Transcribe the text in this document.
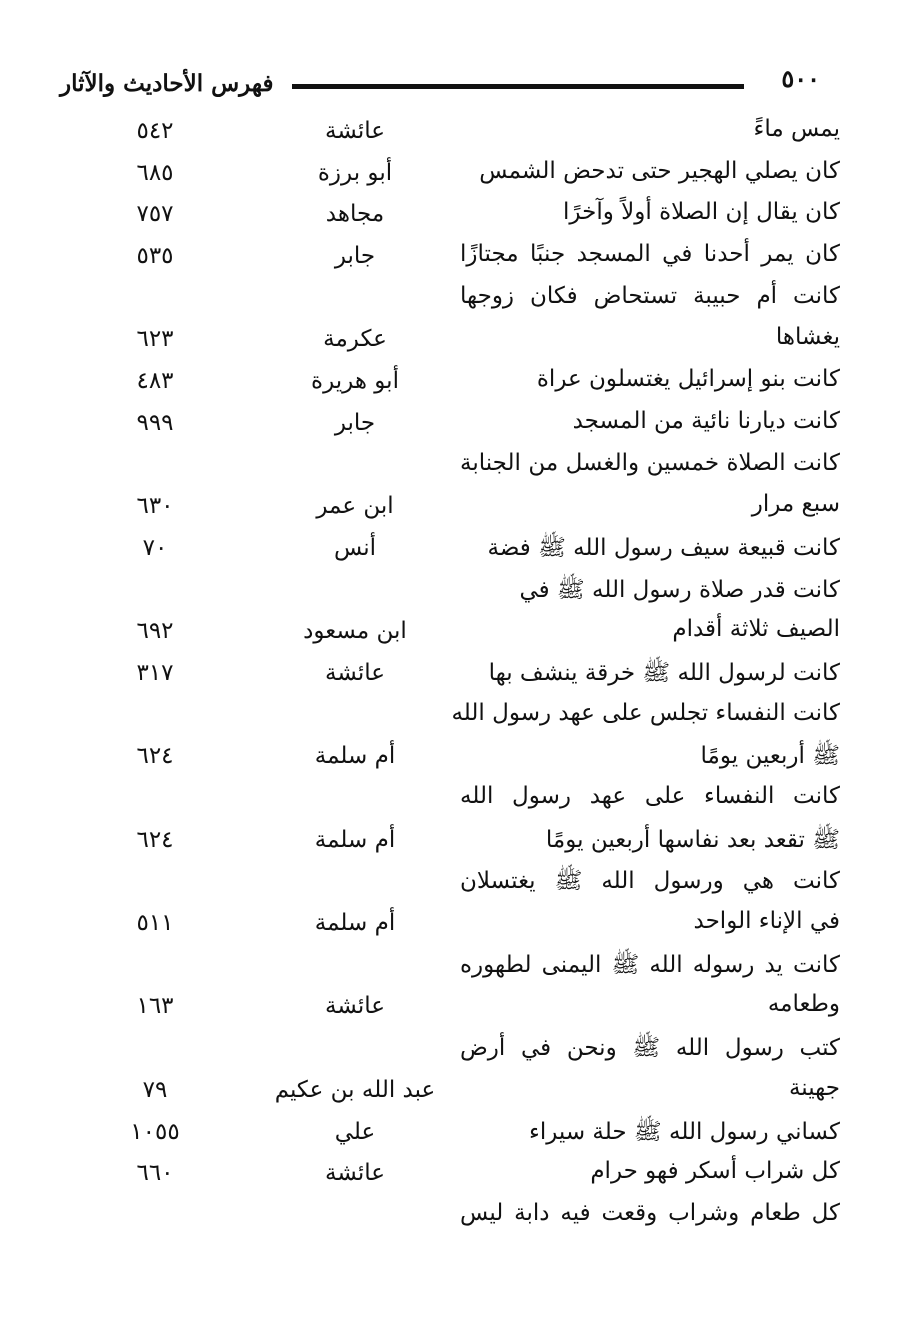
٥٠٠
فهرس الأحاديث والآثار
يمس ماءً
عائشة
٥٤٢
كان يصلي الهجير حتى تدحض الشمس
أبو برزة
٦٨٥
كان يقال إن الصلاة أولاً وآخرًا
مجاهد
٧٥٧
كان يمر أحدنا في المسجد جنبًا مجتازًا
جابر
٥٣٥
كانت أم حبيبة تستحاض فكان زوجها
يغشاها
عكرمة
٦٢٣
كانت بنو إسرائيل يغتسلون عراة
أبو هريرة
٤٨٣
كانت ديارنا نائية من المسجد
جابر
٩٩٩
كانت الصلاة خمسين والغسل من الجنابة
سبع مرار
ابن عمر
٦٣٠
كانت قبيعة سيف رسول الله ﷺ فضة
أنس
٧٠
كانت قدر صلاة رسول الله ﷺ في
الصيف ثلاثة أقدام
ابن مسعود
٦٩٢
كانت لرسول الله ﷺ خرقة ينشف بها
عائشة
٣١٧
كانت النفساء تجلس على عهد رسول الله
ﷺ أربعين يومًا
أم سلمة
٦٢٤
كانت النفساء على عهد رسول الله
ﷺ تقعد بعد نفاسها أربعين يومًا
أم سلمة
٦٢٤
كانت هي ورسول الله ﷺ يغتسلان
في الإناء الواحد
أم سلمة
٥١١
كانت يد رسوله الله ﷺ اليمنى لطهوره
وطعامه
عائشة
١٦٣
كتب رسول الله ﷺ ونحن في أرض
جهينة
عبد الله بن عكيم
٧٩
كساني رسول الله ﷺ حلة سيراء
علي
١٠٥٥
كل شراب أسكر فهو حرام
عائشة
٦٦٠
كل طعام وشراب وقعت فيه دابة ليس
